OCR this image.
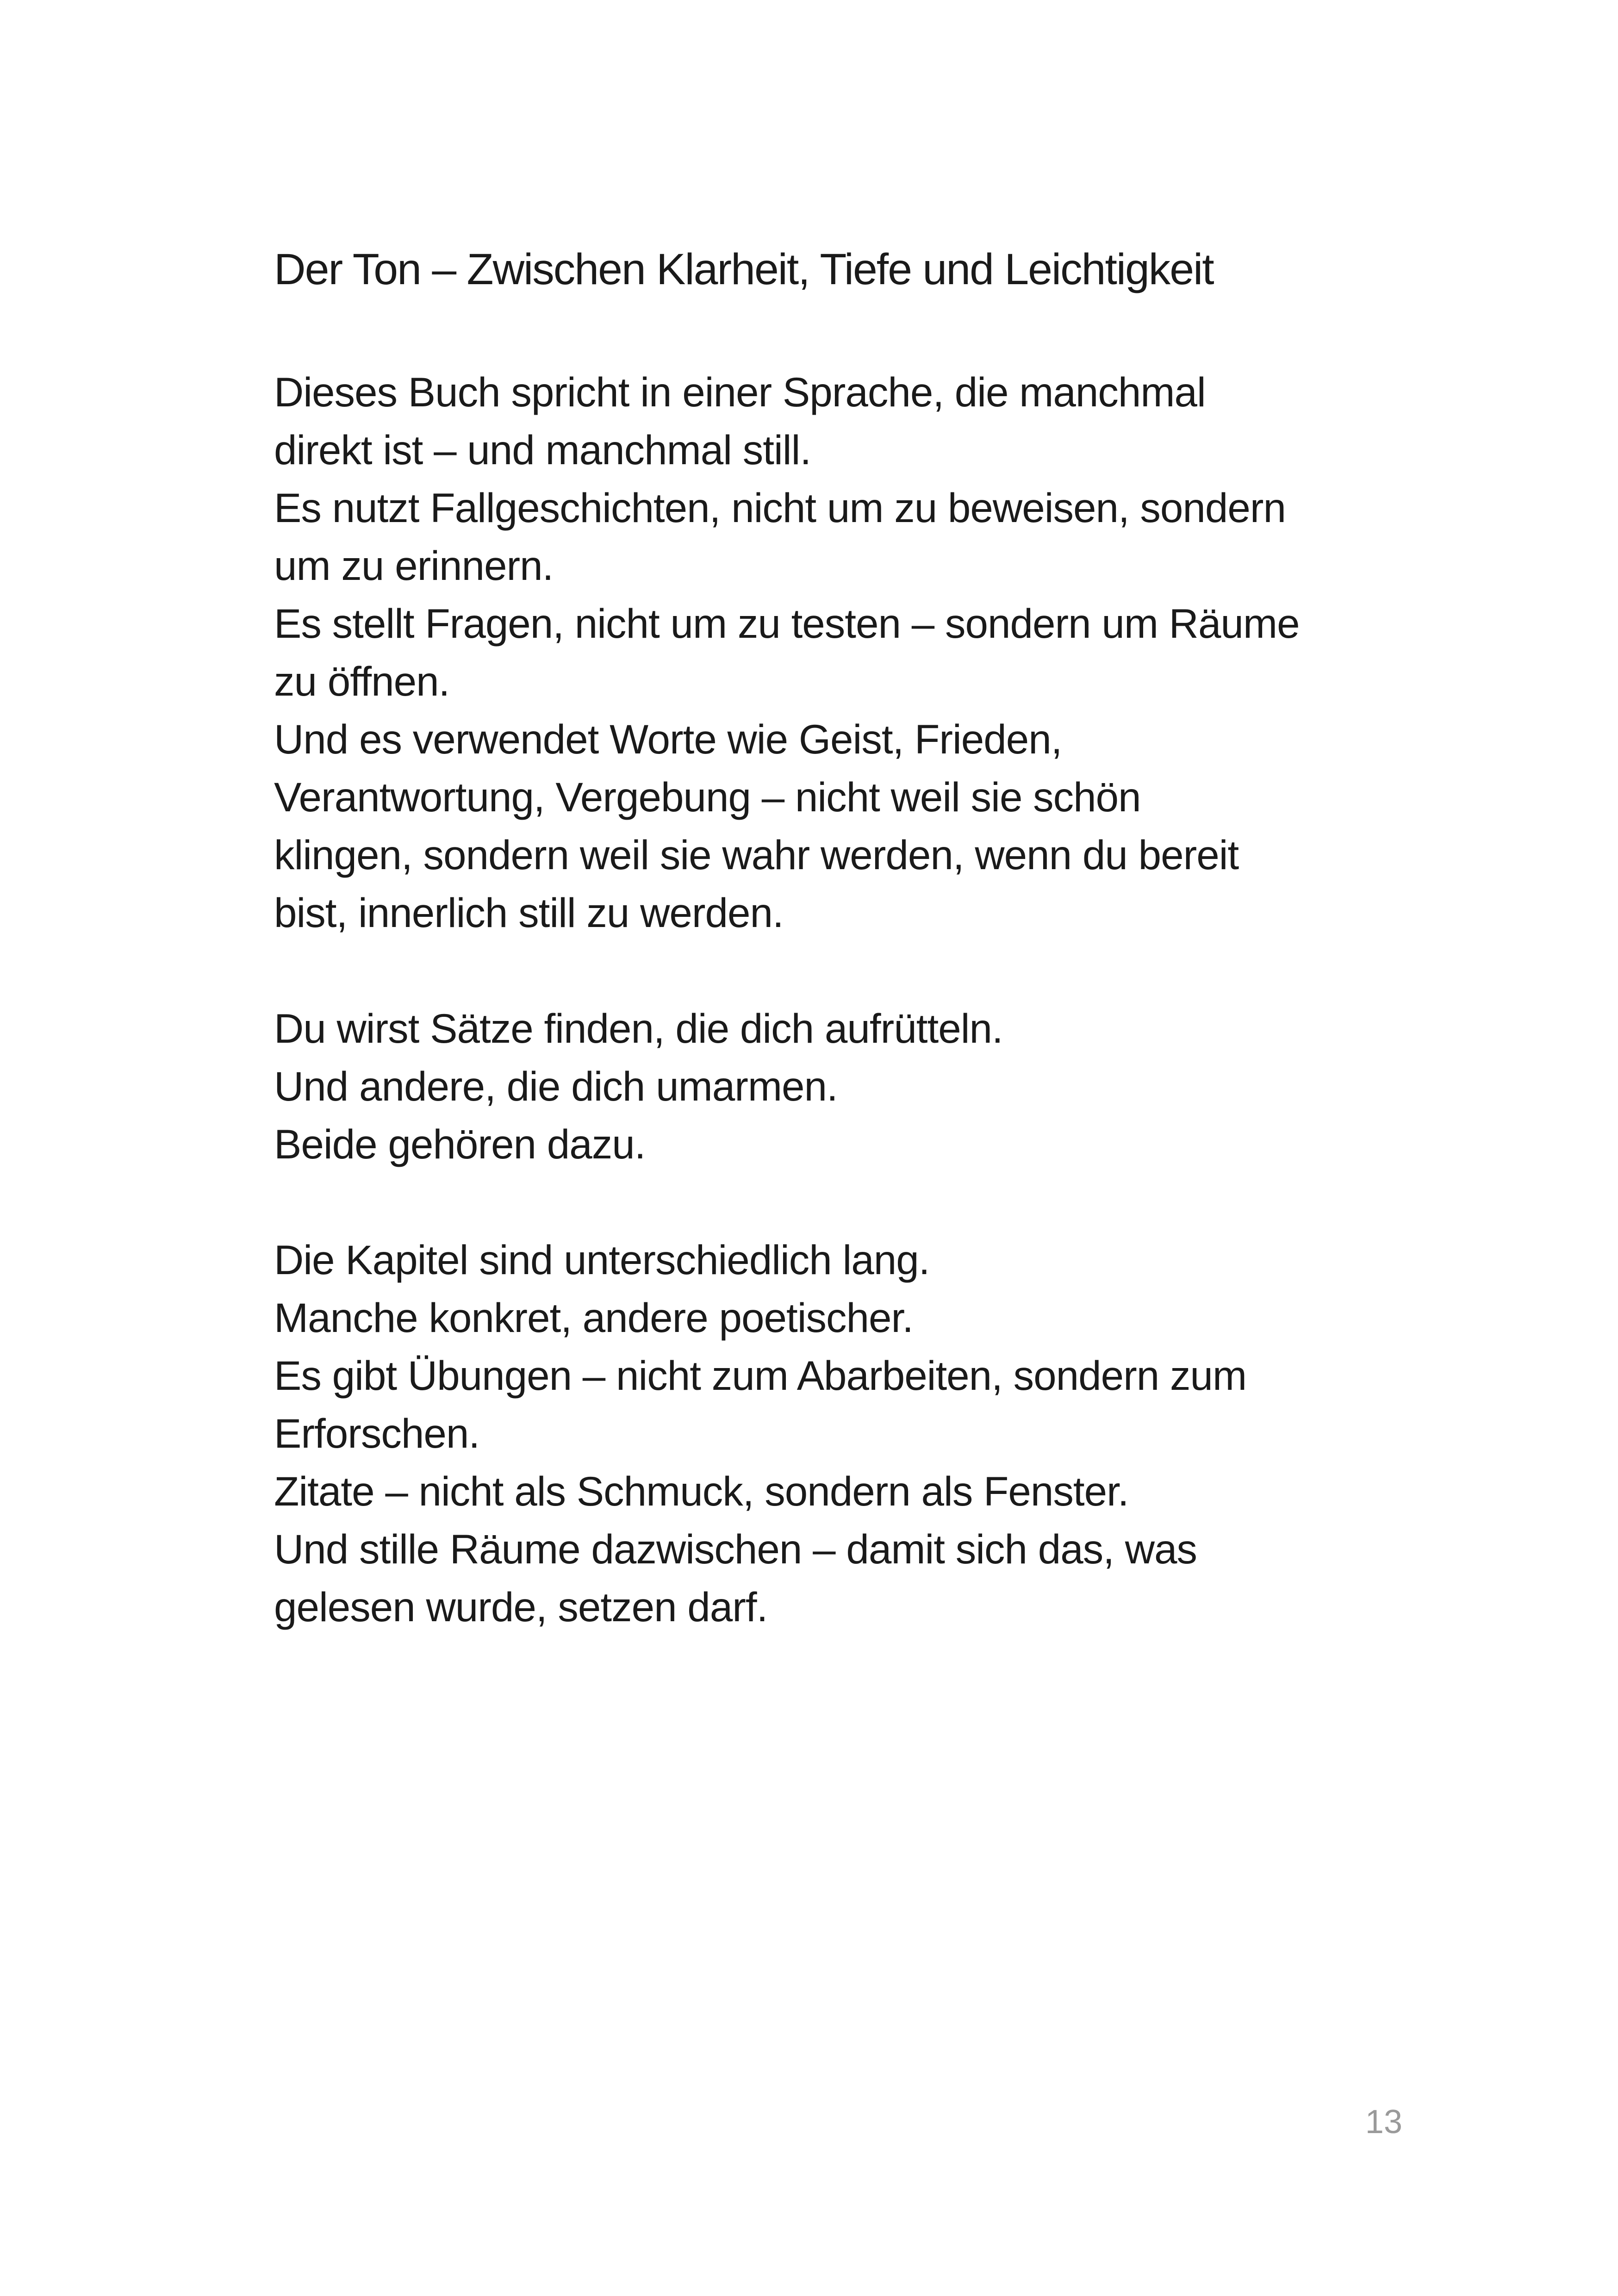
Der Ton – Zwischen Klarheit, Tiefe und Leichtigkeit

Dieses Buch spricht in einer Sprache, die manchmal
direkt ist – und manchmal still.
Es nutzt Fallgeschichten, nicht um zu beweisen, sondern
um zu erinnern.
Es stellt Fragen, nicht um zu testen – sondern um Räume
zu öffnen.
Und es verwendet Worte wie Geist, Frieden,
Verantwortung, Vergebung – nicht weil sie schön
klingen, sondern weil sie wahr werden, wenn du bereit
bist, innerlich still zu werden.

Du wirst Sätze finden, die dich aufrütteln.
Und andere, die dich umarmen.
Beide gehören dazu.

Die Kapitel sind unterschiedlich lang.
Manche konkret, andere poetischer.
Es gibt Übungen – nicht zum Abarbeiten, sondern zum
Erforschen.
Zitate – nicht als Schmuck, sondern als Fenster.
Und stille Räume dazwischen – damit sich das, was
gelesen wurde, setzen darf.

13
